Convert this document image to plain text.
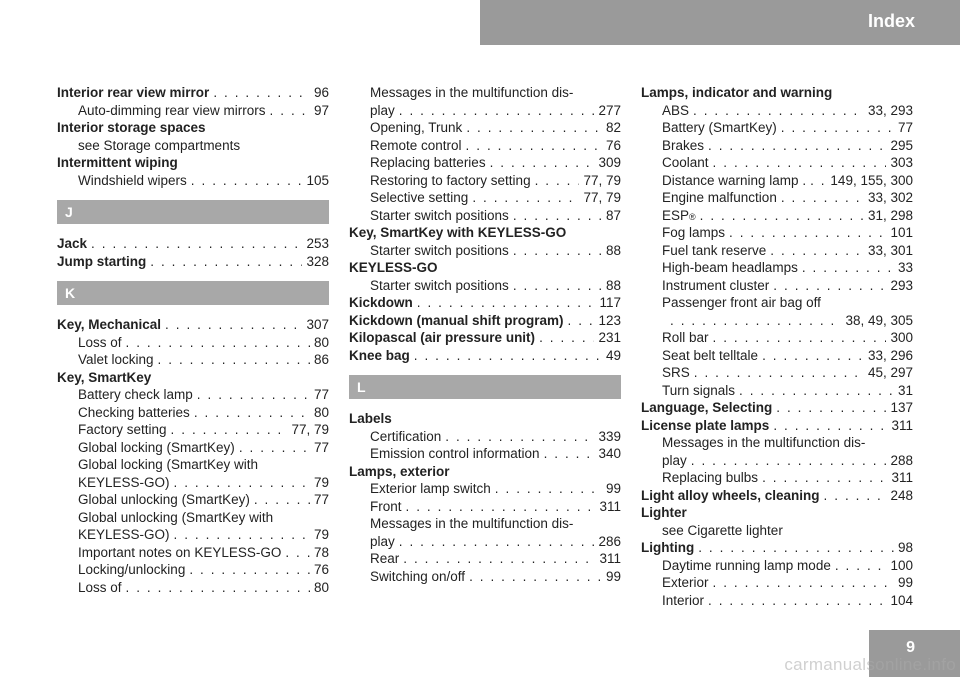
Index
Interior rear view mirror . . .	96
Auto-dimming rear view mirrors . . .	97
Interior storage spaces
see Storage compartments
Intermittent wiping
Windshield wipers . . .	105
J
Jack . . .	253
Jump starting . . .	328
K
Key, Mechanical . . .	307
Loss of . . .	80
Valet locking . . .	86
Key, SmartKey
Battery check lamp . . .	77
Checking batteries . . .	80
Factory setting . . .	77, 79
Global locking (SmartKey) . . .	77
Global locking (SmartKey with
KEYLESS-GO) . . .	79
Global unlocking (SmartKey) . . .	77
Global unlocking (SmartKey with
KEYLESS-GO) . . .	79
Important notes on KEYLESS-GO . . . 78
Locking/unlocking . . .	76
Loss of . . .	80
Messages in the multifunction dis-
play . . .	277
Opening, Trunk . . .	82
Remote control . . .	76
Replacing batteries . . .	309
Restoring to factory setting . . .	77, 79
Selective setting . . .	77, 79
Starter switch positions . . .	87
Key, SmartKey with KEYLESS-GO
Starter switch positions . . .	88
KEYLESS-GO
Starter switch positions . . .	88
Kickdown . . .	117
Kickdown (manual shift program) . . .	123
Kilopascal (air pressure unit) . . .	231
Knee bag . . .	49
L
Labels
Certification . . .	339
Emission control information . . .	340
Lamps, exterior
Exterior lamp switch . . .	99
Front . . .	311
Messages in the multifunction dis-
play . . .	286
Rear . . .	311
Switching on/off . . .	99
Lamps, indicator and warning
ABS . . .	33, 293
Battery (SmartKey) . . .	77
Brakes . . .	295
Coolant . . .	303
Distance warning lamp . . . . 149, 155, 300
Engine malfunction . . .	33, 302
ESP ® . . .	31, 298
Fog lamps . . .	101
Fuel tank reserve . . .	33, 301
High-beam headlamps . . .	33
Instrument cluster . . .	293
Passenger front air bag off
. . .
38, 49, 305
Roll bar . . .	300
Seat belt telltale . . .	33, 296
SRS . . .	45, 297
Turn signals . . .	31
Language, Selecting . . .	137
License plate lamps . . .	311
Messages in the multifunction dis-
play . . .	288
Replacing bulbs . . .	311
Light alloy wheels, cleaning . . .	248
Lighter
see Cigarette lighter
Lighting . . .	98
Daytime running lamp mode . . .	100
Exterior . . .	99
Interior . . .	104
9
carmanualsonline.info
